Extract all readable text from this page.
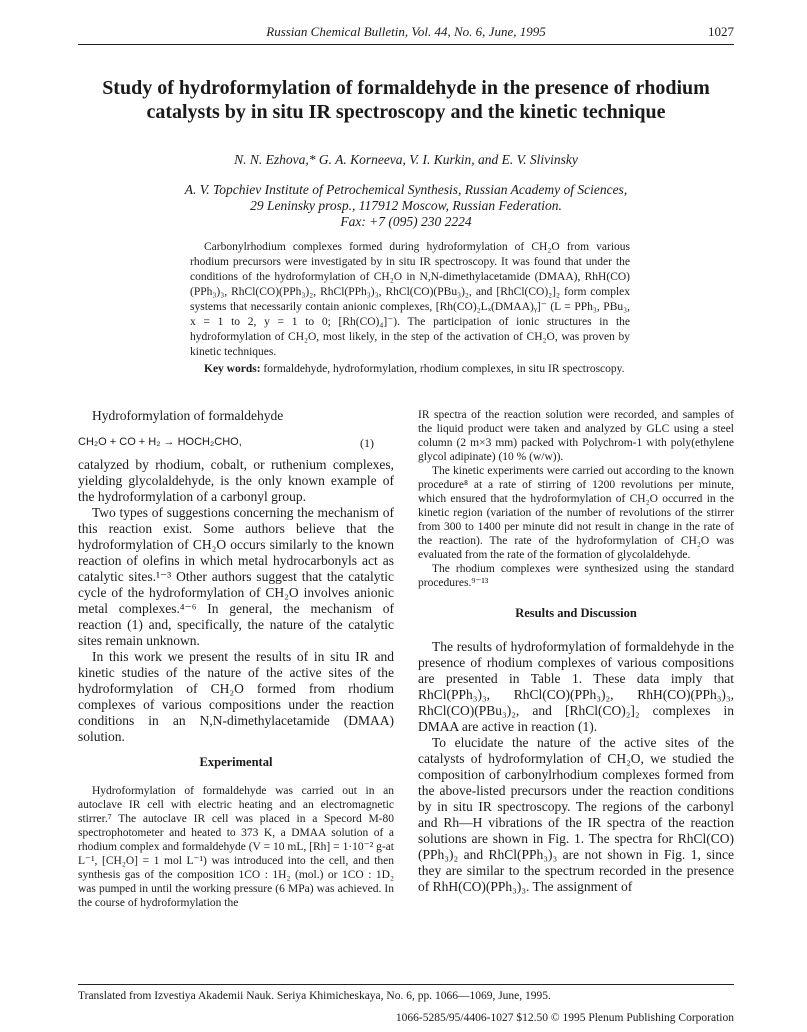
Russian Chemical Bulletin, Vol. 44, No. 6, June, 1995	1027
Study of hydroformylation of formaldehyde in the presence of rhodium catalysts by in situ IR spectroscopy and the kinetic technique
N. N. Ezhova,* G. A. Korneeva, V. I. Kurkin, and E. V. Slivinsky
A. V. Topchiev Institute of Petrochemical Synthesis, Russian Academy of Sciences,
29 Leninsky prosp., 117912 Moscow, Russian Federation.
Fax: +7 (095) 230 2224

Carbonylrhodium complexes formed during hydroformylation of CH₂O from various rhodium precursors were investigated by in situ IR spectroscopy. It was found that under the conditions of the hydroformylation of CH₂O in N,N-dimethylacetamide (DMAA), RhH(CO)(PPh₃)₃, RhCl(CO)(PPh₃)₂, RhCl(PPh₃)₃, RhCl(CO)(PBu₃)₂, and [RhCl(CO)₂]₂ form complex systems that necessarily contain anionic complexes, [Rh(CO)₂Lₓ(DMAA)ᵧ]⁻ (L = PPh₃, PBu₃, x = 1 to 2, y = 1 to 0; [Rh(CO)₄]⁻). The participation of ionic structures in the hydroformylation of CH₂O, most likely, in the step of the activation of CH₂O, was proven by kinetic techniques.

Key words: formaldehyde, hydroformylation, rhodium complexes, in situ IR spectroscopy.

Hydroformylation of formaldehyde

CH₂O + CO + H₂ → HOCH₂CHO,	(1)

catalyzed by rhodium, cobalt, or ruthenium complexes, yielding glycolaldehyde, is the only known example of the hydroformylation of a carbonyl group.

Two types of suggestions concerning the mechanism of this reaction exist. Some authors believe that the hydroformylation of CH₂O occurs similarly to the known reaction of olefins in which metal hydrocarbonyls act as catalytic sites.¹⁻³ Other authors suggest that the catalytic cycle of the hydroformylation of CH₂O involves anionic metal complexes.⁴⁻⁶ In general, the mechanism of reaction (1) and, specifically, the nature of the catalytic sites remain unknown.

In this work we present the results of in situ IR and kinetic studies of the nature of the active sites of the hydroformylation of CH₂O formed from rhodium complexes of various compositions under the reaction conditions in an N,N-dimethylacetamide (DMAA) solution.

Experimental

Hydroformylation of formaldehyde was carried out in an autoclave IR cell with electric heating and an electromagnetic stirrer.⁷ The autoclave IR cell was placed in a Specord M-80 spectrophotometer and heated to 373 K, a DMAA solution of a rhodium complex and formaldehyde (V = 10 mL, [Rh] = 1·10⁻² g-at L⁻¹, [CH₂O] = 1 mol L⁻¹) was introduced into the cell, and then synthesis gas of the composition 1CO : 1H₂ (mol.) or 1CO : 1D₂ was pumped in until the working pressure (6 MPa) was achieved. In the course of hydroformylation the

IR spectra of the reaction solution were recorded, and samples of the liquid product were taken and analyzed by GLC using a steel column (2 m×3 mm) packed with Polychrom-1 with poly(ethylene glycol adipinate) (10 % (w/w)).

The kinetic experiments were carried out according to the known procedure⁸ at a rate of stirring of 1200 revolutions per minute, which ensured that the hydroformylation of CH₂O occurred in the kinetic region (variation of the number of revolutions of the stirrer from 300 to 1400 per minute did not result in change in the rate of the reaction). The rate of the hydroformylation of CH₂O was evaluated from the rate of the formation of glycolaldehyde.

The rhodium complexes were synthesized using the standard procedures.⁹⁻¹³

Results and Discussion

The results of hydroformylation of formaldehyde in the presence of rhodium complexes of various compositions are presented in Table 1. These data imply that RhCl(PPh₃)₃, RhCl(CO)(PPh₃)₂, RhH(CO)(PPh₃)₃, RhCl(CO)(PBu₃)₂, and [RhCl(CO)₂]₂ complexes in DMAA are active in reaction (1).

To elucidate the nature of the active sites of the catalysts of hydroformylation of CH₂O, we studied the composition of carbonylrhodium complexes formed from the above-listed precursors under the reaction conditions by in situ IR spectroscopy. The regions of the carbonyl and Rh—H vibrations of the IR spectra of the reaction solutions are shown in Fig. 1. The spectra for RhCl(CO)(PPh₃)₂ and RhCl(PPh₃)₃ are not shown in Fig. 1, since they are similar to the spectrum recorded in the presence of RhH(CO)(PPh₃)₃. The assignment of

Translated from Izvestiya Akademii Nauk. Seriya Khimicheskaya, No. 6, pp. 1066—1069, June, 1995.
1066-5285/95/4406-1027 $12.50 © 1995 Plenum Publishing Corporation
